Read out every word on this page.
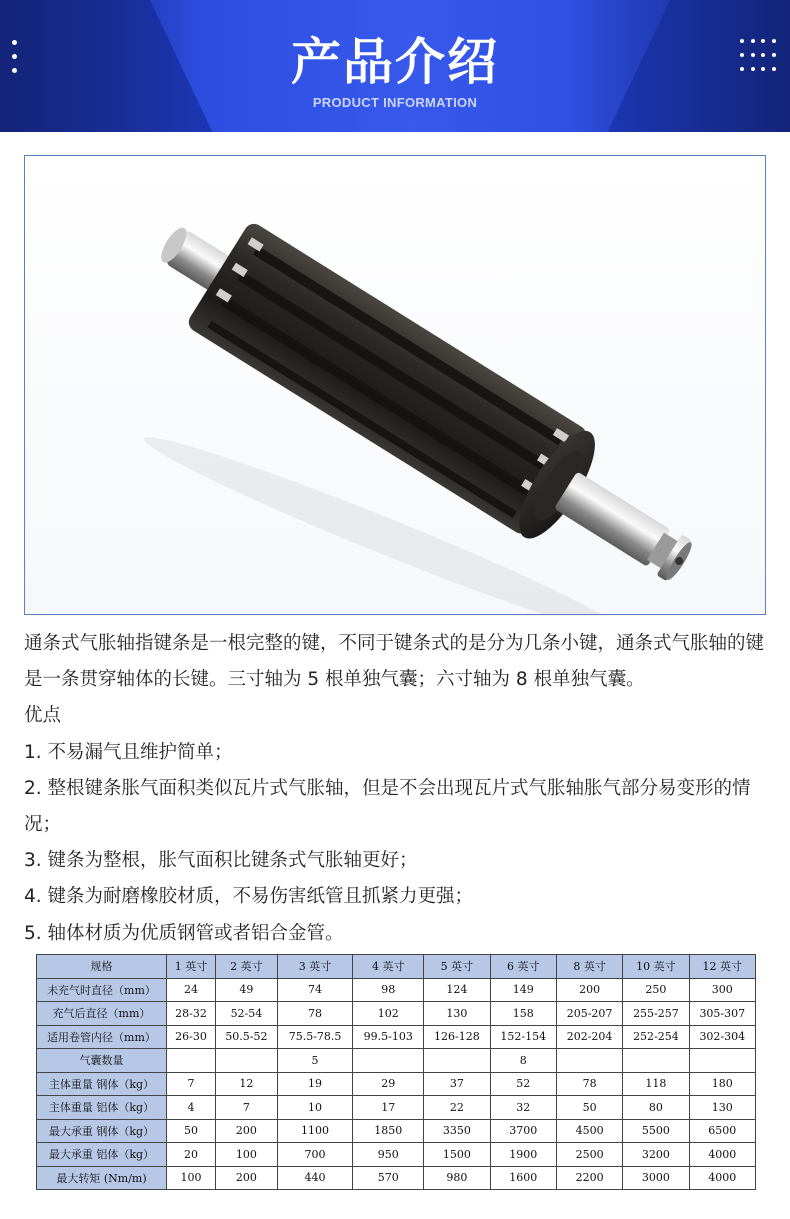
产品介绍
PRODUCT INFORMATION

通条式气胀轴指键条是一根完整的键，不同于键条式的是分为几条小键，通条式气胀轴的键是一条贯穿轴体的长键。三寸轴为 5 根单独气囊；六寸轴为 8 根单独气囊。

优点

1. 不易漏气且维护简单；

2. 整根键条胀气面积类似瓦片式气胀轴，但是不会出现瓦片式气胀轴胀气部分易变形的情况；

3. 键条为整根，胀气面积比键条式气胀轴更好；

4. 键条为耐磨橡胶材质，不易伤害纸管且抓紧力更强；

5. 轴体材质为优质钢管或者铝合金管。

规格	1 英寸	2 英寸	3 英寸	4 英寸	5 英寸	6 英寸	8 英寸	10 英寸	12 英寸
未充气时直径（mm）	24	49	74	98	124	149	200	250	300
充气后直径（mm）	28-32	52-54	78	102	130	158	205-207	255-257	305-307
适用卷管内径（mm）	26-30	50.5-52	75.5-78.5	99.5-103	126-128	152-154	202-204	252-254	302-304
气囊数量			5			8			
主体重量 钢体（kg）	7	12	19	29	37	52	78	118	180
主体重量 铝体（kg）	4	7	10	17	22	32	50	80	130
最大承重 钢体（kg）	50	200	1100	1850	3350	3700	4500	5500	6500
最大承重 铝体（kg）	20	100	700	950	1500	1900	2500	3200	4000
最大转矩 (Nm/m)	100	200	440	570	980	1600	2200	3000	4000
